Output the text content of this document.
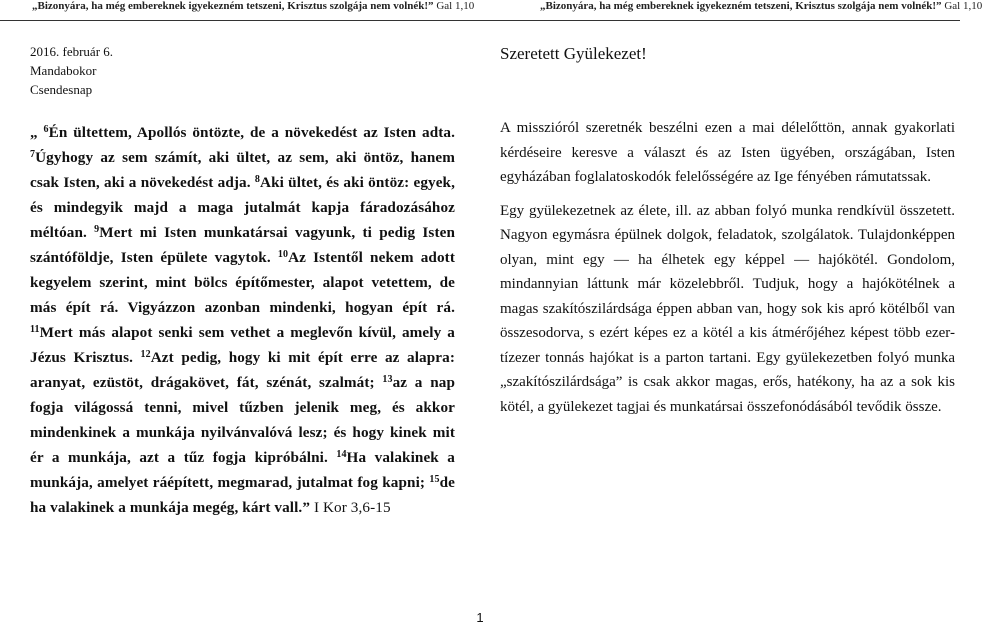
„Bizonyára, ha még embereknek igyekezném tetszeni, Krisztus szolgája nem volnék!” Gal 1,10	„Bizonyára, ha még embereknek igyekezném tetszeni, Krisztus szolgája nem volnék!” Gal 1,10
2016. február 6.
Mandabokor
Csendesnap
„ $^6$Én ültettem, Apollós öntözte, de a növekedést az Isten adta. $^7$Úgyhogy az sem számít, aki ültet, az sem, aki öntöz, hanem csak Isten, aki a növekedést adja. $^8$Aki ültet, és aki öntöz: egyek, és mindegyik majd a maga jutalmát kapja fáradozásához méltóan. $^9$Mert mi Isten munkatársai vagyunk, ti pedig Isten szántóföldje, Isten épülete vagytok. $^{10}$Az Istentől nekem adott kegyelem szerint, mint bölcs építőmester, alapot vetettem, de más épít rá. Vigyázzon azonban mindenki, hogyan épít rá. $^{11}$Mert más alapot senki sem vethet a meglevőn kívül, amely a Jézus Krisztus. $^{12}$Azt pedig, hogy ki mit épít erre az alapra: aranyat, ezüstöt, drágakövet, fát, szénát, szalmát; $^{13}$az a nap fogja világossá tenni, mivel tűzben jelenik meg, és akkor mindenkinek a munkája nyilvánvalóvá lesz; és hogy kinek mit ér a munkája, azt a tűz fogja kipróbálni. $^{14}$Ha valakinek a munkája, amelyet ráépített, megmarad, jutalmat fog kapni; $^{15}$de ha valakinek a munkája megég, kárt vall.” I Kor 3,6-15
Szeretett Gyülekezet!

A misszióról szeretnék beszélni ezen a mai délelőttön, annak gyakorlati kérdéseire keresve a választ és az Isten ügyében, országában, Isten egyházában foglalatoskodók felelősségére az Ige fényében rámutatssak.

Egy gyülekezetnek az élete, ill. az abban folyó munka rendkívül összetett. Nagyon egymásra épülnek dolgok, feladatok, szolgálatok. Tulajdonképpen olyan, mint egy — ha élhetek egy képpel — hajókötél. Gondolom, mindannyian láttunk már közelebbről. Tudjuk, hogy a hajókötélnek a magas szakítószilárdsága éppen abban van, hogy sok kis apró kötélből van összesodorva, s ezért képes ez a kötél a kis átmérőjéhez képest több ezer-tízezer tonnás hajókat is a parton tartani. Egy gyülekezetben folyó munka „szakítószilárdsága” is csak akkor magas, erős, hatékony, ha az a sok kis kötél, a gyülekezet tagjai és munkatársai összefonódásából tevődik össze.

1
